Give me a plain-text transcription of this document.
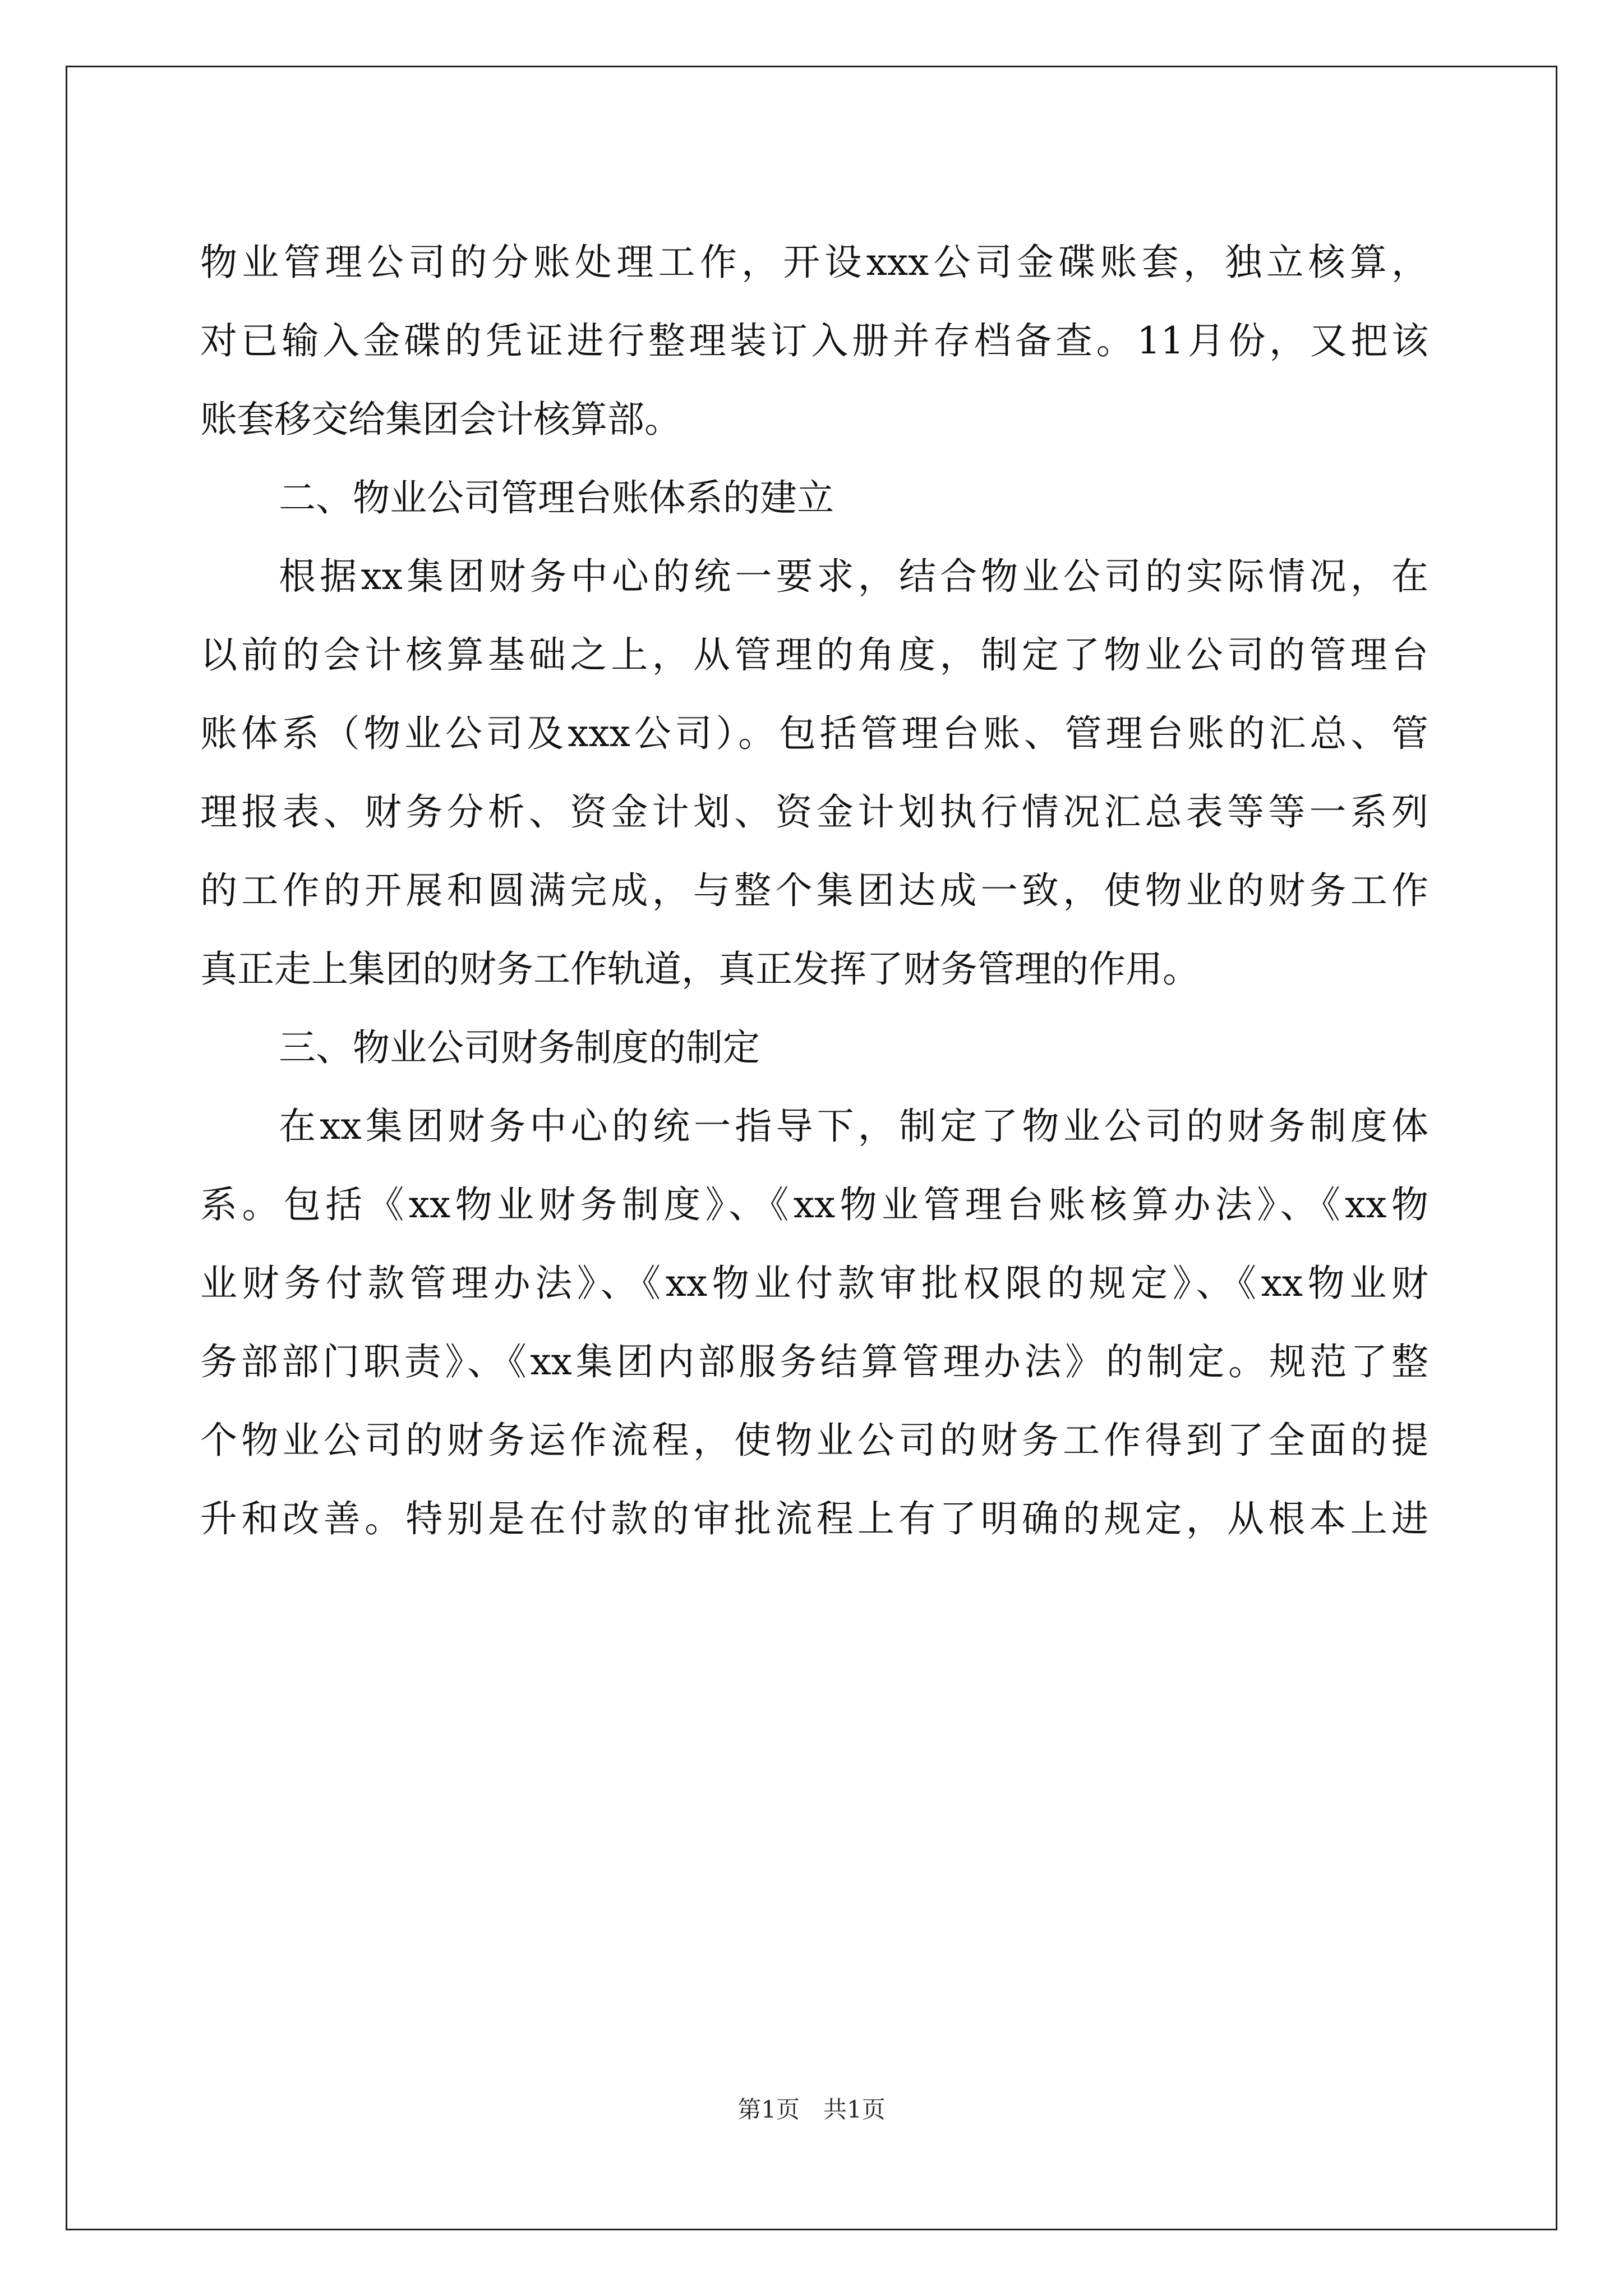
物业管理公司的分账处理工作，开设xxx公司金碟账套，独立核算，
对已输入金碟的凭证进行整理装订入册并存档备查。11月份，又把该
账套移交给集团会计核算部。
二、物业公司管理台账体系的建立
根据xx集团财务中心的统一要求，结合物业公司的实际情况，在
以前的会计核算基础之上，从管理的角度，制定了物业公司的管理台
账体系（物业公司及xxx公司）。包括管理台账、管理台账的汇总、管
理报表、财务分析、资金计划、资金计划执行情况汇总表等等一系列
的工作的开展和圆满完成，与整个集团达成一致，使物业的财务工作
真正走上集团的财务工作轨道，真正发挥了财务管理的作用。
三、物业公司财务制度的制定
在xx集团财务中心的统一指导下，制定了物业公司的财务制度体
系。包括《xx物业财务制度》、《xx物业管理台账核算办法》、《xx物
业财务付款管理办法》、《xx物业付款审批权限的规定》、《xx物业财
务部部门职责》、《xx集团内部服务结算管理办法》的制定。规范了整
个物业公司的财务运作流程，使物业公司的财务工作得到了全面的提
升和改善。特别是在付款的审批流程上有了明确的规定，从根本上进
第1页　共1页
